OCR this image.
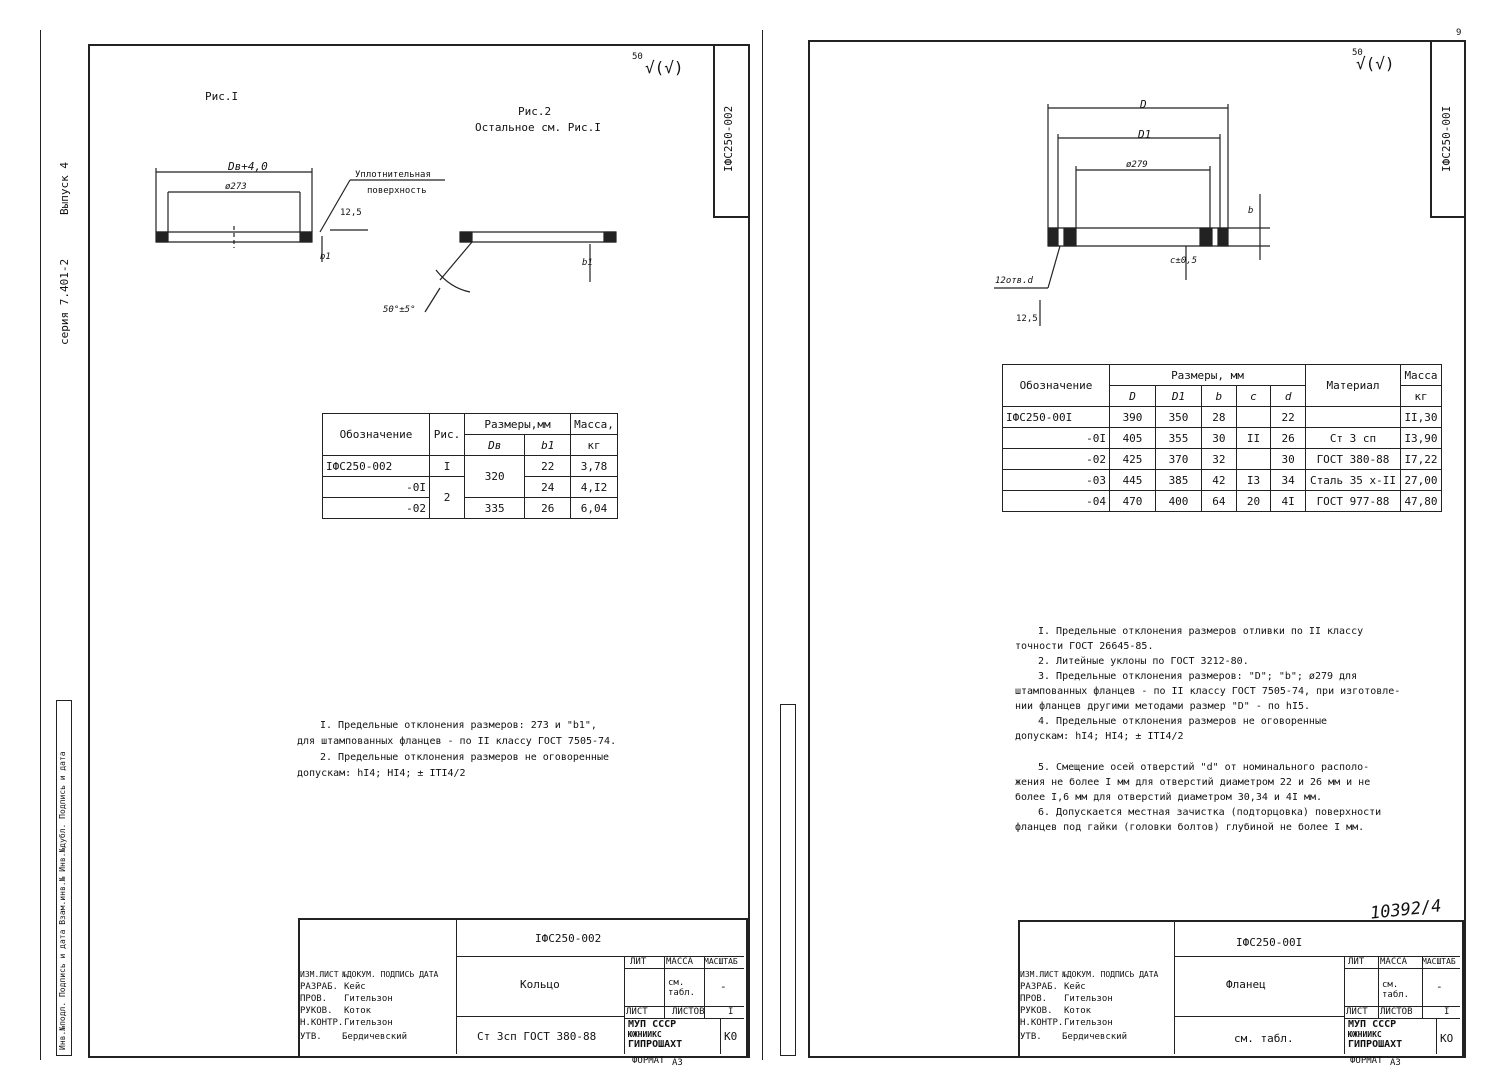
Инв.№подл. Подпись и дата Взам.инв.№ Инв.№дубл. Подпись и дата
Выпуск 4
серия 7.401-2
IФС250-002
50
√(√)
Рис.I
Dв+4,0
ø273
Уплотнительная
поверхность
12,5
b1
Рис.2
Остальное см. Рис.I
50°±5°
b1
Обозначение	Рис.	Размеры,мм		Масса,
		Dв	b1	кг
IФС250-002	I	320	22	3,78
-0I	2		24	4,I2
-02		335	26	6,04
I. Предельные отклонения размеров: 273 и "b1",
для штампованных фланцев - по II классу ГОСТ 7505-74.
2. Предельные отклонения размеров не оговоренные
допускам: hI4; HI4; ± ITI4/2
IФС250-002
Кольцо
Ст 3сп ГОСТ 380-88
ЛИТ МАССА МАСШТАБ
см. табл. -
ЛИСТ	ЛИСТОВ	I
МУП СССР
ЮЖНИИКС
ГИПРОШАХТ
К0
ФОРМАТ А3
ИЗМ.ЛИСТ №ДОКУМ. ПОДПИСЬ ДАТА
РАЗРАБ. Кейс
ПРОВ. Гительзон
РУКОВ. Коток
Н.КОНТР. Гительзон
УТВ. Бердичевский
9
IФС250-00I
50
√(√)
D
D1
ø279
b
c±0,5
12отв.d
12,5
Обозначение	Размеры, мм					Материал	Масса
	D	D1	b	c	d		кг
IФС250-00I	390	350	28		22		II,30
-0I	405	355	30	II	26	Ст 3 сп	I3,90
-02	425	370	32		30	ГОСТ 380-88	I7,22
-03	445	385	42	I3	34	Сталь 35 х-II	27,00
-04	470	400	64	20	4I	ГОСТ 977-88	47,80
I. Предельные отклонения размеров отливки по II классу
точности ГОСТ 26645-85.
2. Литейные уклоны по ГОСТ 3212-80.
3. Предельные отклонения размеров: "D"; "b"; ø279 для
штампованных фланцев - по II классу ГОСТ 7505-74, при изготовле-
нии фланцев другими методами размер "D" - по hI5.
4. Предельные отклонения размеров не оговоренные
допускам: hI4; HI4; ± ITI4/2
5. Смещение осей отверстий "d" от номинального располо-
жения не более I мм для отверстий диаметром 22 и 26 мм и не
более I,6 мм для отверстий диаметром 30,34 и 4I мм.
6. Допускается местная зачистка (подторцовка) поверхности
фланцев под гайки (головки болтов) глубиной не более I мм.
10392/4
IФС250-00I
Фланец
см. табл.
ЛИТ МАССА МАСШТАБ
см. табл.
-
ЛИСТ ЛИСТОВ	I
МУП СССР
ЮЖНИИКС
ГИПРОШАХТ	КО
ФОРМАТ А3
ИЗМ.ЛИСТ №ДОКУМ. ПОДПИСЬ ДАТА
РАЗРАБ. Кейс
ПРОВ. Гительзон
РУКОВ. Коток
Н.КОНТР. Гительзон
УТВ. Бердичевский
